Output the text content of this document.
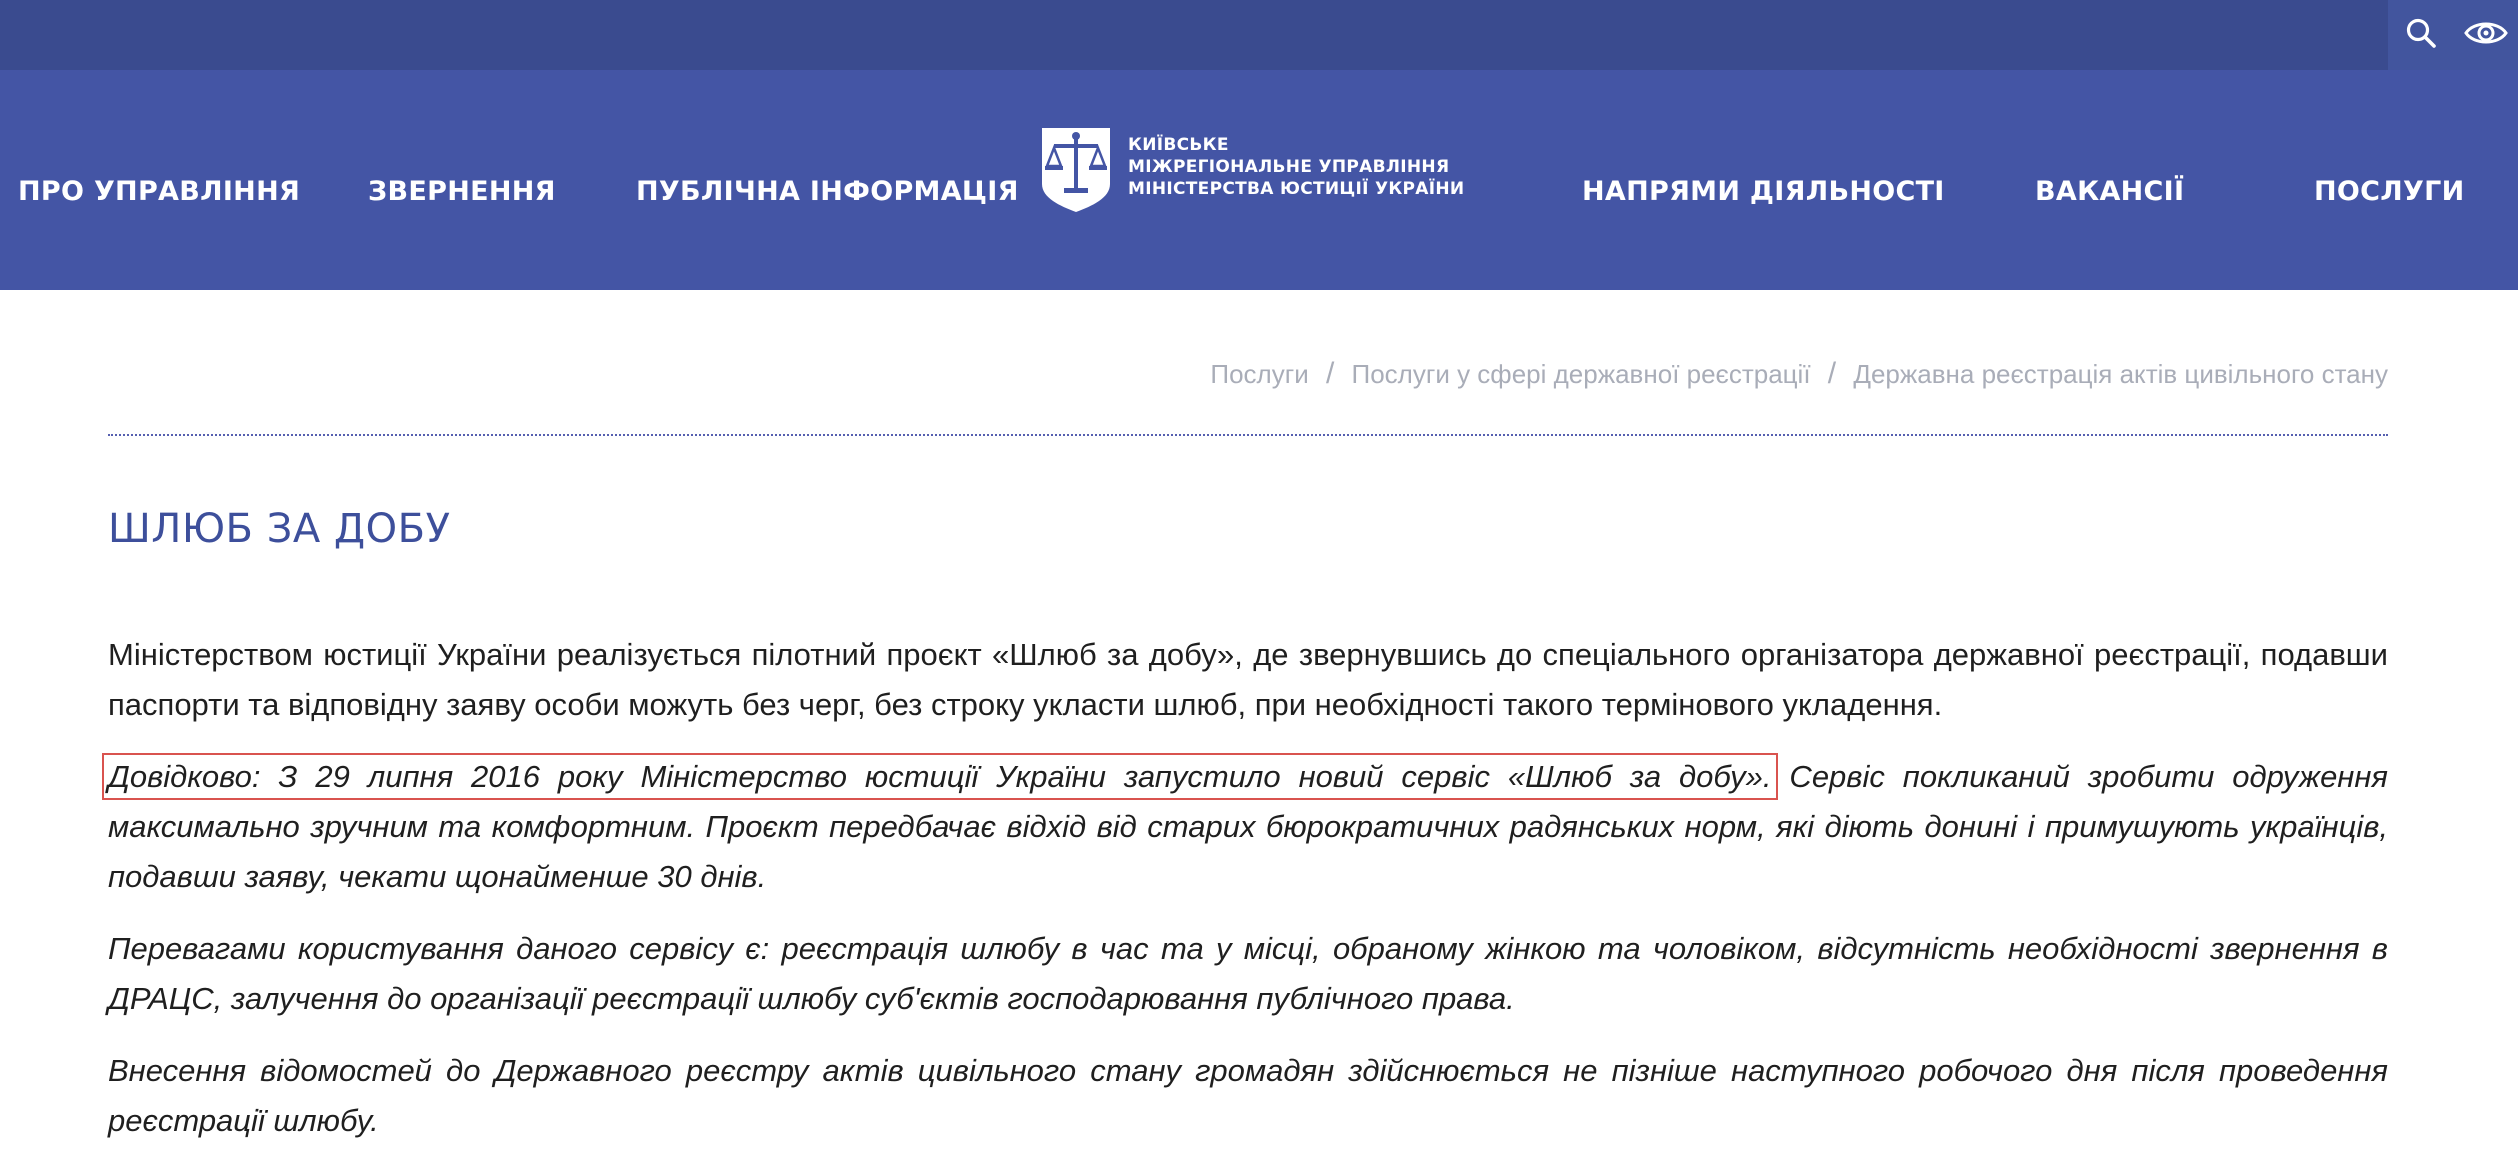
ПРО УПРАВЛІННЯ	ЗВЕРНЕННЯ	ПУБЛІЧНА ІНФОРМАЦІЯ
КИЇВСЬКЕ
МІЖРЕГІОНАЛЬНЕ УПРАВЛІННЯ
МІНІСТЕРСТВА ЮСТИЦІЇ УКРАЇНИ	НАПРЯМИ ДІЯЛЬНОСТІ	ВАКАНСІЇ	ПОСЛУГИ
Послуги / Послуги у сфері державної реєстрації / Державна реєстрація актів цивільного стану
ШЛЮБ ЗА ДОБУ

Міністерством юстиції України реалізується пілотний проєкт «Шлюб за добу», де звернувшись до спеціального організатора державної реєстрації, подавши паспорти та відповідну заяву особи можуть без черг, без строку укласти шлюб, при необхідності такого термінового укладення.

Довідково: З 29 липня 2016 року Міністерство юстиції України запустило новий сервіс «Шлюб за добу». Сервіс покликаний зробити одруження максимально зручним та комфортним. Проєкт передбачає відхід від старих бюрократичних радянських норм, які діють донині і примушують українців, подавши заяву, чекати щонайменше 30 днів.

Перевагами користування даного сервісу є: реєстрація шлюбу в час та у місці, обраному жінкою та чоловіком, відсутність необхідності звернення в ДРАЦС, залучення до організації реєстрації шлюбу суб'єктів господарювання публічного права.

Внесення відомостей до Державного реєстру актів цивільного стану громадян здійснюється не пізніше наступного робочого дня після проведення реєстрації шлюбу.
